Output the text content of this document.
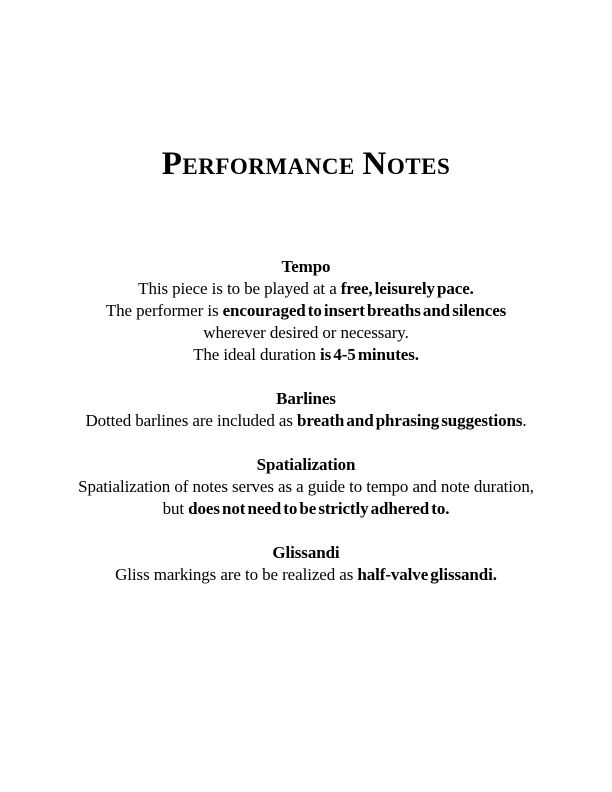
Performance Notes

Tempo

This piece is to be played at a free, leisurely pace.

The performer is encouraged to insert breaths and silences

wherever desired or necessary.

The ideal duration is 4-5 minutes.

Barlines

Dotted barlines are included as breath and phrasing suggestions.

Spatialization

Spatialization of notes serves as a guide to tempo and note duration,

but does not need to be strictly adhered to.

Glissandi

Gliss markings are to be realized as half-valve glissandi.
